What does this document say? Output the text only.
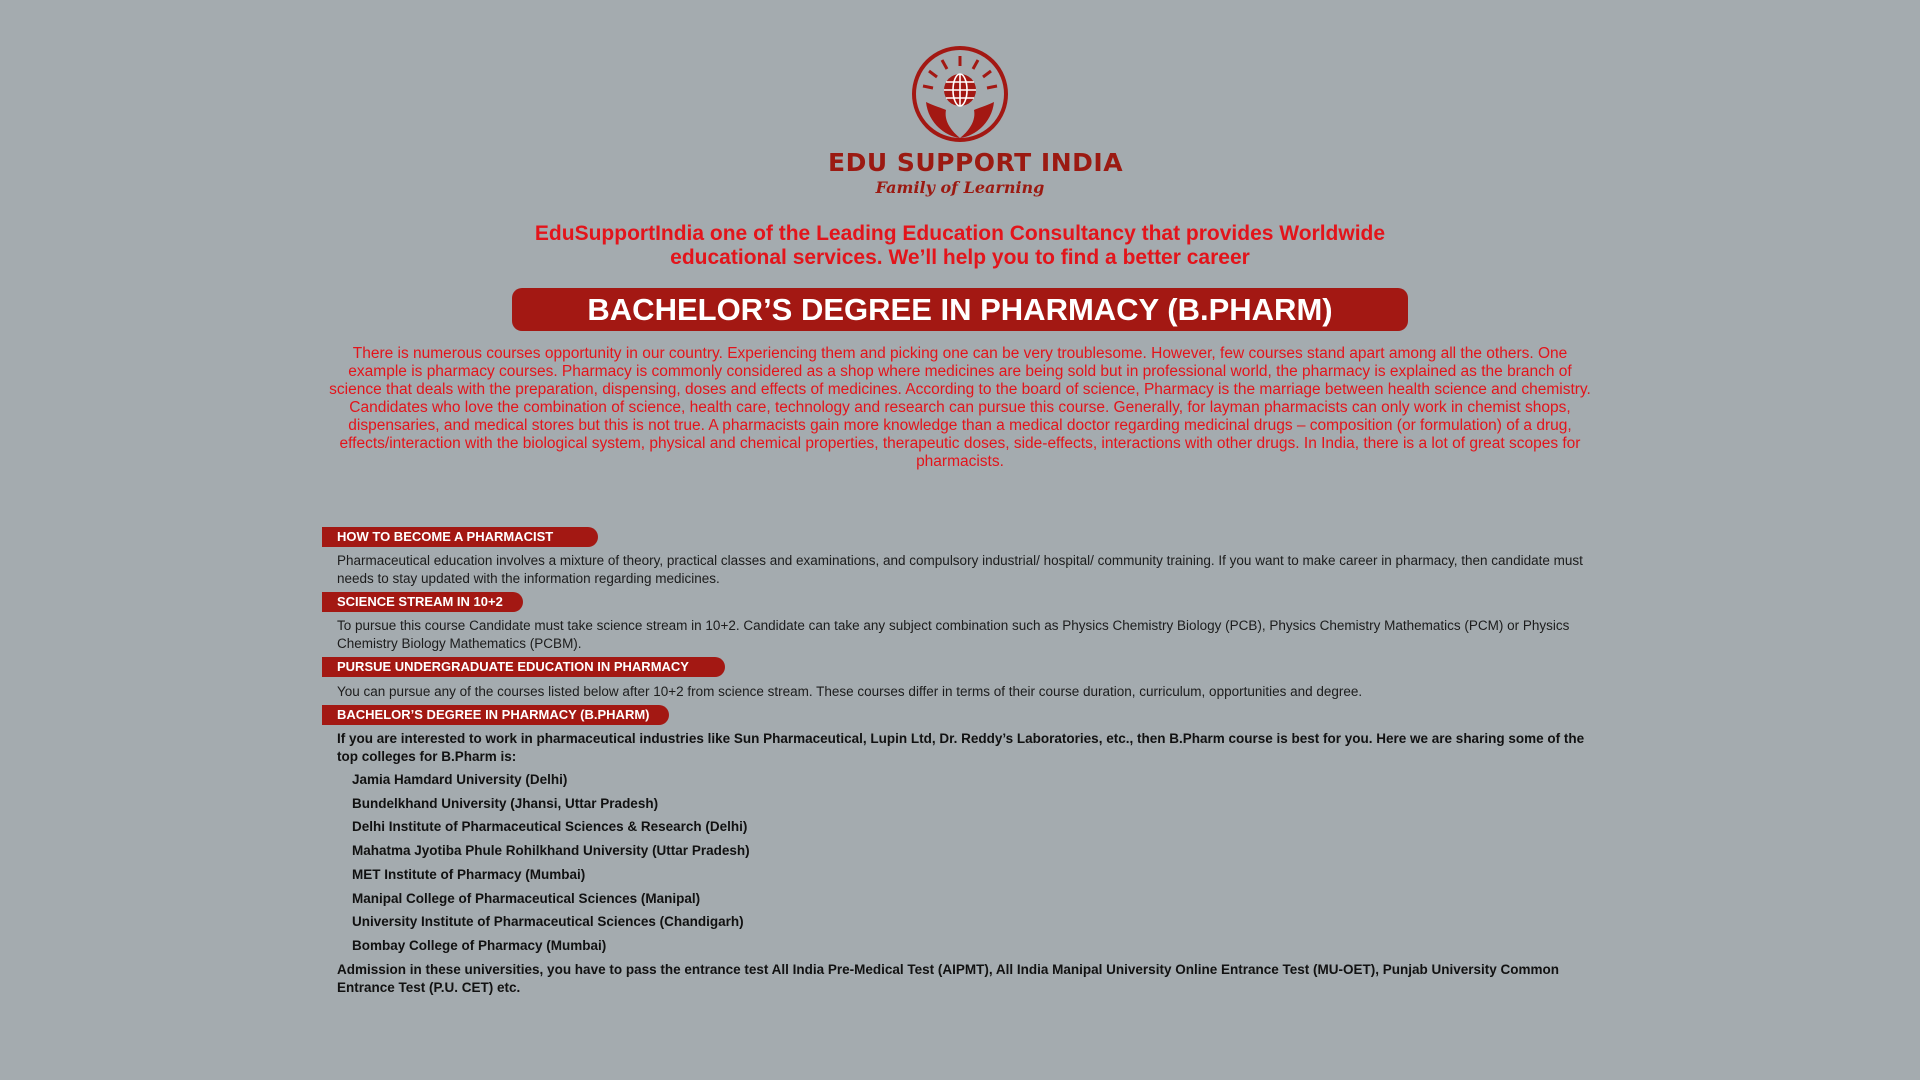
EDU SUPPORT INDIA
Family of Learning
EduSupportIndia one of the Leading Education Consultancy that provides Worldwide
educational services. We’ll help you to find a better career
BACHELOR’S DEGREE IN PHARMACY (B.PHARM)
There is numerous courses opportunity in our country. Experiencing them and picking one can be very troublesome. However, few courses stand apart among all the others. One example is pharmacy courses. Pharmacy is commonly considered as a shop where medicines are being sold but in professional world, the pharmacy is explained as the branch of science that deals with the preparation, dispensing, doses and effects of medicines. According to the board of science, Pharmacy is the marriage between health science and chemistry. Candidates who love the combination of science, health care, technology and research can pursue this course. Generally, for layman pharmacists can only work in chemist shops, dispensaries, and medical stores but this is not true. A pharmacists gain more knowledge than a medical doctor regarding medicinal drugs – composition (or formulation) of a drug, effects/interaction with the biological system, physical and chemical properties, therapeutic doses, side-effects, interactions with other drugs. In India, there is a lot of great scopes for pharmacists.
HOW TO BECOME A PHARMACIST
Pharmaceutical education involves a mixture of theory, practical classes and examinations, and compulsory industrial/ hospital/ community training. If you want to make career in pharmacy, then candidate must needs to stay updated with the information regarding medicines.
SCIENCE STREAM IN 10+2
To pursue this course Candidate must take science stream in 10+2. Candidate can take any subject combination such as Physics Chemistry Biology (PCB), Physics Chemistry Mathematics (PCM) or Physics Chemistry Biology Mathematics (PCBM).
PURSUE UNDERGRADUATE EDUCATION IN PHARMACY
You can pursue any of the courses listed below after 10+2 from science stream. These courses differ in terms of their course duration, curriculum, opportunities and degree.
BACHELOR’S DEGREE IN PHARMACY (B.PHARM)
If you are interested to work in pharmaceutical industries like Sun Pharmaceutical, Lupin Ltd, Dr. Reddy’s Laboratories, etc., then B.Pharm course is best for you. Here we are sharing some of the top colleges for B.Pharm is:
Jamia Hamdard University (Delhi)
Bundelkhand University (Jhansi, Uttar Pradesh)
Delhi Institute of Pharmaceutical Sciences & Research (Delhi)
Mahatma Jyotiba Phule Rohilkhand University (Uttar Pradesh)
MET Institute of Pharmacy (Mumbai)
Manipal College of Pharmaceutical Sciences (Manipal)
University Institute of Pharmaceutical Sciences (Chandigarh)
Bombay College of Pharmacy (Mumbai)
Admission in these universities, you have to pass the entrance test All India Pre-Medical Test (AIPMT), All India Manipal University Online Entrance Test (MU-OET), Punjab University Common Entrance Test (P.U. CET) etc.
